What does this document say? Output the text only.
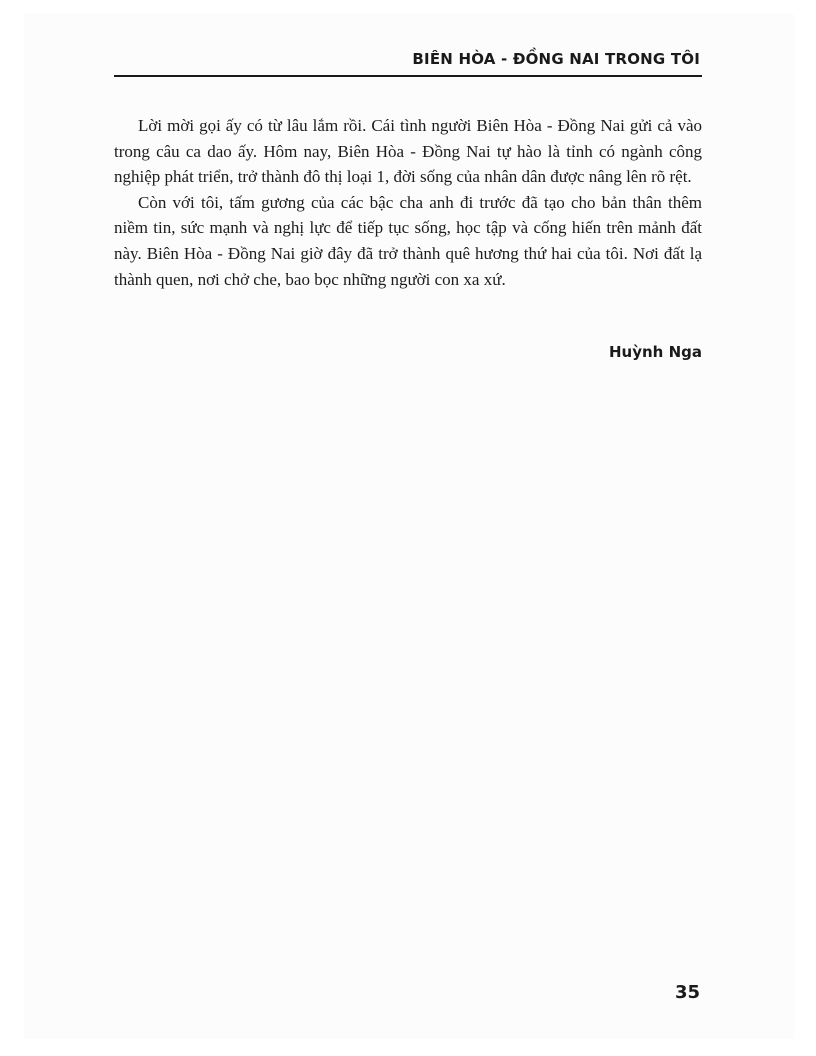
BIÊN HÒA - ĐỒNG NAI TRONG TÔI

Lời mời gọi ấy có từ lâu lắm rồi. Cái tình người Biên Hòa - Đồng Nai gửi cả vào trong câu ca dao ấy. Hôm nay, Biên Hòa - Đồng Nai tự hào là tỉnh có ngành công nghiệp phát triển, trở thành đô thị loại 1, đời sống của nhân dân được nâng lên rõ rệt.

Còn với tôi, tấm gương của các bậc cha anh đi trước đã tạo cho bản thân thêm niềm tin, sức mạnh và nghị lực để tiếp tục sống, học tập và cống hiến trên mảnh đất này. Biên Hòa - Đồng Nai giờ đây đã trở thành quê hương thứ hai của tôi. Nơi đất lạ thành quen, nơi chở che, bao bọc những người con xa xứ.

Huỳnh Nga
35
